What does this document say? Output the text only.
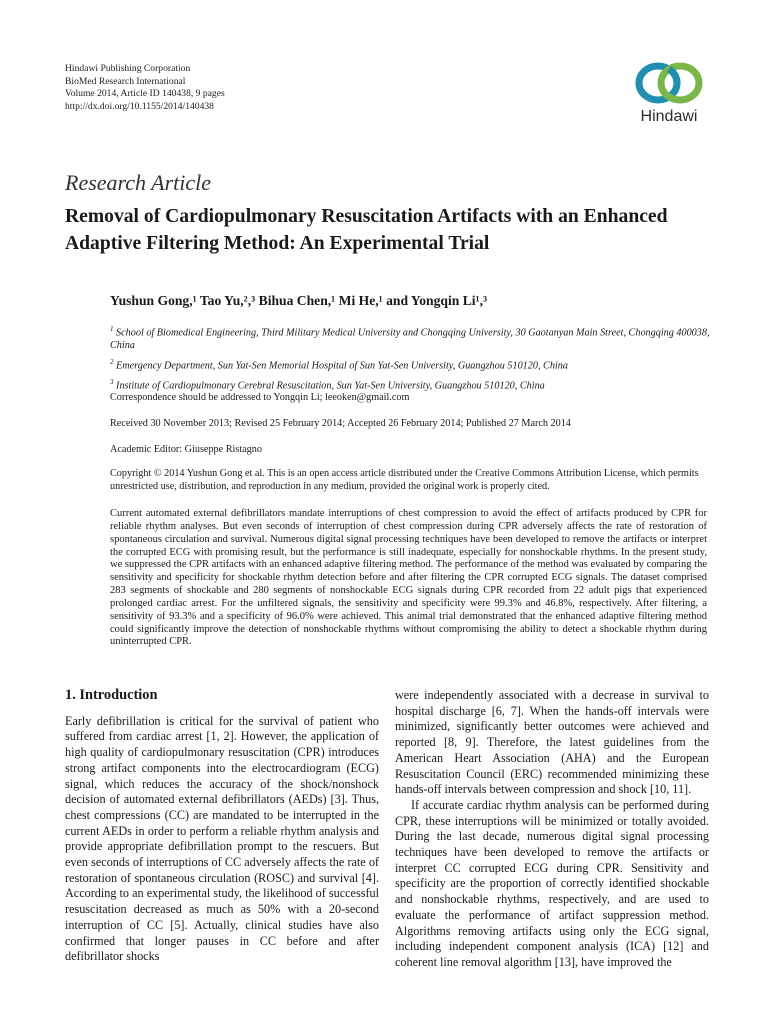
Hindawi Publishing Corporation
BioMed Research International
Volume 2014, Article ID 140438, 9 pages
http://dx.doi.org/10.1155/2014/140438
Hindawi
Research Article
Removal of Cardiopulmonary Resuscitation Artifacts with an Enhanced Adaptive Filtering Method: An Experimental Trial
Yushun Gong,¹ Tao Yu,²,³ Bihua Chen,¹ Mi He,¹ and Yongqin Li¹,³
$^1$ School of Biomedical Engineering, Third Military Medical University and Chongqing University, 30 Gaotanyan Main Street, Chongqing 400038, China
$^2$ Emergency Department, Sun Yat-Sen Memorial Hospital of Sun Yat-Sen University, Guangzhou 510120, China
$^3$ Institute of Cardiopulmonary Cerebral Resuscitation, Sun Yat-Sen University, Guangzhou 510120, China
Correspondence should be addressed to Yongqin Li; leeoken@gmail.com
Received 30 November 2013; Revised 25 February 2014; Accepted 26 February 2014; Published 27 March 2014
Academic Editor: Giuseppe Ristagno
Copyright © 2014 Yushun Gong et al. This is an open access article distributed under the Creative Commons Attribution License, which permits unrestricted use, distribution, and reproduction in any medium, provided the original work is properly cited.
Current automated external defibrillators mandate interruptions of chest compression to avoid the effect of artifacts produced by CPR for reliable rhythm analyses. But even seconds of interruption of chest compression during CPR adversely affects the rate of restoration of spontaneous circulation and survival. Numerous digital signal processing techniques have been developed to remove the artifacts or interpret the corrupted ECG with promising result, but the performance is still inadequate, especially for nonshockable rhythms. In the present study, we suppressed the CPR artifacts with an enhanced adaptive filtering method. The performance of the method was evaluated by comparing the sensitivity and specificity for shockable rhythm detection before and after filtering the CPR corrupted ECG signals. The dataset comprised 283 segments of shockable and 280 segments of nonshockable ECG signals during CPR recorded from 22 adult pigs that experienced prolonged cardiac arrest. For the unfiltered signals, the sensitivity and specificity were 99.3% and 46.8%, respectively. After filtering, a sensitivity of 93.3% and a specificity of 96.0% were achieved. This animal trial demonstrated that the enhanced adaptive filtering method could significantly improve the detection of nonshockable rhythms without compromising the ability to detect a shockable rhythm during uninterrupted CPR.
1. Introduction

Early defibrillation is critical for the survival of patient who suffered from cardiac arrest [1, 2]. However, the application of high quality of cardiopulmonary resuscitation (CPR) introduces strong artifact components into the electrocardiogram (ECG) signal, which reduces the accuracy of the shock/nonshock decision of automated external defibrillators (AEDs) [3]. Thus, chest compressions (CC) are mandated to be interrupted in the current AEDs in order to perform a reliable rhythm analysis and provide appropriate defibrillation prompt to the rescuers. But even seconds of interruptions of CC adversely affects the rate of restoration of spontaneous circulation (ROSC) and survival [4]. According to an experimental study, the likelihood of successful resuscitation decreased as much as 50% with a 20-second interruption of CC [5]. Actually, clinical studies have also confirmed that longer pauses in CC before and after defibrillator shocks

were independently associated with a decrease in survival to hospital discharge [6, 7]. When the hands-off intervals were minimized, significantly better outcomes were achieved and reported [8, 9]. Therefore, the latest guidelines from the American Heart Association (AHA) and the European Resuscitation Council (ERC) recommended minimizing these hands-off intervals between compression and shock [10, 11].

If accurate cardiac rhythm analysis can be performed during CPR, these interruptions will be minimized or totally avoided. During the last decade, numerous digital signal processing techniques have been developed to remove the artifacts or interpret CC corrupted ECG during CPR. Sensitivity and specificity are the proportion of correctly identified shockable and nonshockable rhythms, respectively, and are used to evaluate the performance of artifact suppression method. Algorithms removing artifacts using only the ECG signal, including independent component analysis (ICA) [12] and coherent line removal algorithm [13], have improved the
